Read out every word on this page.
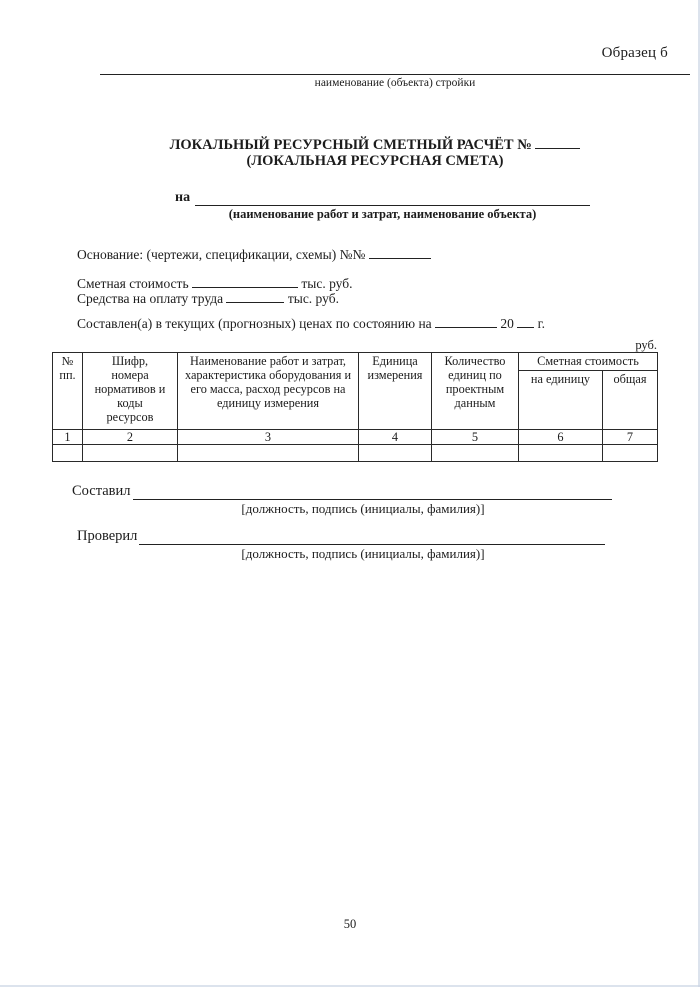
Образец б
наименование (объекта) стройки
ЛОКАЛЬНЫЙ РЕСУРСНЫЙ СМЕТНЫЙ РАСЧЁТ №
(ЛОКАЛЬНАЯ РЕСУРСНАЯ СМЕТА)
на
(наименование работ и затрат, наименование объекта)
Основание: (чертежи, спецификации, схемы) №№
Сметная стоимость	тыс. руб.
Средства на оплату труда	тыс. руб.
Составлен(а) в текущих (прогнозных) ценах по состоянию на	20 г.
руб.
№ пп.	Шифр, номера нормативов и коды ресурсов	Наименование работ и затрат, характеристика оборудования и его масса, расход ресурсов на единицу измерения	Единица измерения	Количество единиц по проектным данным	Сметная стоимость	
					на единицу	общая
1	2	3	4	5	6	7

Составил
[должность, подпись (инициалы, фамилия)]
Проверил
[должность, подпись (инициалы, фамилия)]
50
